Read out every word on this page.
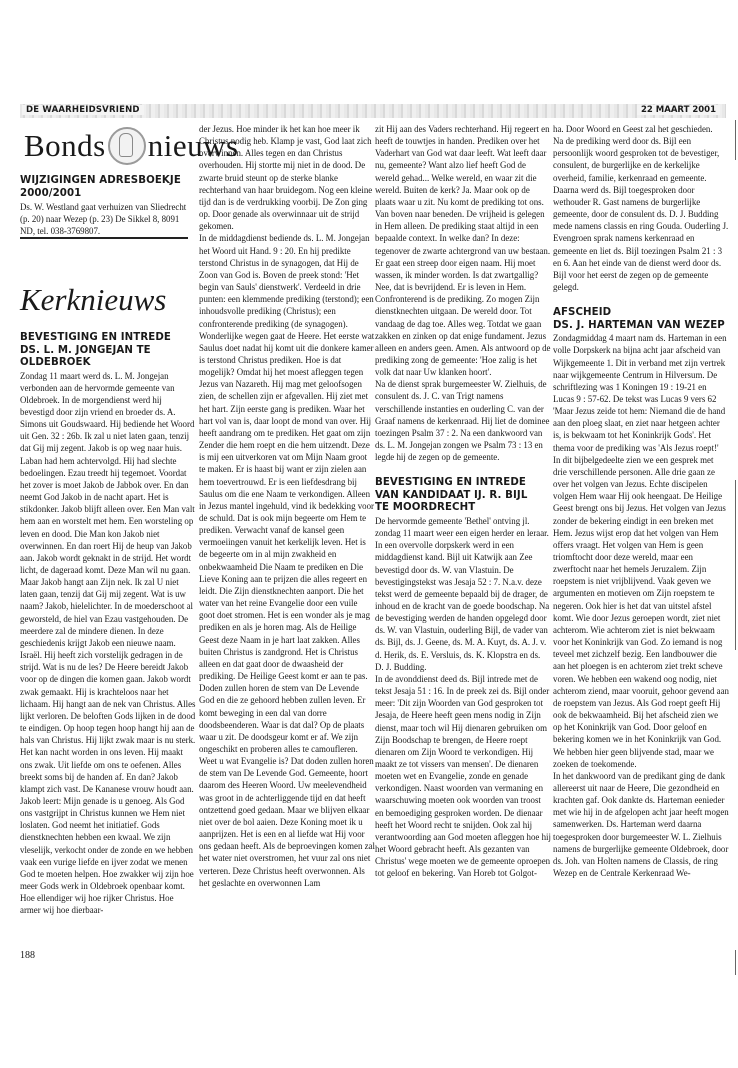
DE WAARHEIDSVRIEND	22 MAART 2001
Bonds nieuws

WIJZIGINGEN ADRESBOEKJE

2000/2001

Ds. W. Westland gaat verhuizen van Sliedrecht (p. 20) naar Wezep (p. 23) De Sikkel 8, 8091 ND, tel. 038-3769807.

Kerknieuws

BEVESTIGING EN INTREDE

DS. L. M. JONGEJAN TE OLDEBROEK

Zondag 11 maart werd ds. L. M. Jongejan verbonden aan de hervormde gemeente van Oldebroek. In de morgendienst werd hij bevestigd door zijn vriend en broeder ds. A. Simons uit Goudswaard. Hij bediende het Woord uit Gen. 32 : 26b. Ik zal u niet laten gaan, tenzij dat Gij mij zegent. Jakob is op weg naar huis. Laban had hem achtervolgd. Hij had slechte bedoelingen. Ezau treedt hij tegemoet. Voordat het zover is moet Jakob de Jabbok over. En dan neemt God Jakob in de nacht apart. Het is stikdonker. Jakob blijft alleen over. Een Man valt hem aan en worstelt met hem. Een worsteling op leven en dood. Die Man kon Jakob niet overwinnen. En dan roert Hij de heup van Jakob aan. Jakob wordt geknakt in de strijd. Het wordt licht, de dageraad komt. Deze Man wil nu gaan. Maar Jakob hangt aan Zijn nek. Ik zal U niet laten gaan, tenzij dat Gij mij zegent. Wat is uw naam? Jakob, hielelichter. In de moederschoot al geworsteld, de hiel van Ezau vastgehouden. De meerdere zal de mindere dienen. In deze geschiedenis krijgt Jakob een nieuwe naam. Israël. Hij heeft zich vorstelijk gedragen in de strijd. Wat is nu de les? De Heere bereidt Jakob voor op de dingen die komen gaan. Jakob wordt zwak gemaakt. Hij is krachteloos naar het lichaam. Hij hangt aan de nek van Christus. Alles lijkt verloren. De beloften Gods lijken in de dood te eindigen. Op hoop tegen hoop hangt hij aan de hals van Christus. Hij lijkt zwak maar is nu sterk. Het kan nacht worden in ons leven. Hij maakt ons zwak. Uit liefde om ons te oefenen. Alles breekt soms bij de handen af. En dan? Jakob klampt zich vast. De Kananese vrouw houdt aan. Jakob leert: Mijn genade is u genoeg. Als God ons vastgrijpt in Christus kunnen we Hem niet loslaten. God neemt het initiatief. Gods dienstknechten hebben een kwaal. We zijn vleselijk, verkocht onder de zonde en we hebben vaak een vurige liefde en ijver zodat we menen God te moeten helpen. Hoe zwakker wij zijn hoe meer Gods werk in Oldebroek openbaar komt. Hoe ellendiger wij hoe rijker Christus. Hoe armer wij hoe dierbaar-

188

der Jezus. Hoe minder ik het kan hoe meer ik Christus nodig heb. Klamp je vast, God laat zich overwinnen. Alles tegen en dan Christus overhouden. Hij stortte mij niet in de dood. De zwarte bruid steunt op de sterke blanke rechterhand van haar bruidegom. Nog een kleine tijd dan is de verdrukking voorbij. De Zon ging op. Door genade als overwinnaar uit de strijd gekomen.

In de middagdienst bediende ds. L. M. Jongejan het Woord uit Hand. 9 : 20. En hij predikte terstond Christus in de synagogen, dat Hij de Zoon van God is. Boven de preek stond: 'Het begin van Sauls' dienstwerk'. Verdeeld in drie punten: een klemmende prediking (terstond); een inhoudsvolle prediking (Christus); een confronterende prediking (de synagogen). Wonderlijke wegen gaat de Heere. Het eerste wat Saulus doet nadat hij komt uit die donkere kamer is terstond Christus prediken. Hoe is dat mogelijk? Omdat hij het moest afleggen tegen Jezus van Nazareth. Hij mag met geloofsogen zien, de schellen zijn er afgevallen. Hij ziet met het hart. Zijn eerste gang is prediken. Waar het hart vol van is, daar loopt de mond van over. Hij heeft aandrang om te prediken. Het gaat om zijn Zender die hem roept en die hem uitzendt. Deze is mij een uitverkoren vat om Mijn Naam groot te maken. Er is haast bij want er zijn zielen aan hem toevertrouwd. Er is een liefdesdrang bij Saulus om die ene Naam te verkondigen. Alleen in Jezus mantel ingehuld, vind ik bedekking voor de schuld. Dat is ook mijn begeerte om Hem te prediken. Verwacht vanaf de kansel geen vermoeiingen vanuit het kerkelijk leven. Het is de begeerte om in al mijn zwakheid en onbekwaamheid Die Naam te prediken en Die Lieve Koning aan te prijzen die alles regeert en leidt. Die Zijn dienstknechten aanport. Die het water van het reine Evangelie door een vuile goot doet stromen. Het is een wonder als je mag prediken en als je horen mag. Als de Heilige Geest deze Naam in je hart laat zakken. Alles buiten Christus is zandgrond. Het is Christus alleen en dat gaat door de dwaasheid der prediking. De Heilige Geest komt er aan te pas. Doden zullen horen de stem van De Levende God en die ze gehoord hebben zullen leven. Er komt beweging in een dal van dorre doodsbeenderen. Waar is dat dal? Op de plaats waar u zit. De doodsgeur komt er af. We zijn ongeschikt en proberen alles te camoufleren. Weet u wat Evangelie is? Dat doden zullen horen de stem van De Levende God. Gemeente, hoort daarom des Heeren Woord. Uw meelevendheid was groot in de achterliggende tijd en dat heeft ontzettend goed gedaan. Maar we blijven elkaar niet over de bol aaien. Deze Koning moet ik u aanprijzen. Het is een en al liefde wat Hij voor ons gedaan heeft. Als de beproevingen komen zal het water niet overstromen, het vuur zal ons niet verteren. Deze Christus heeft overwonnen. Als het geslachte en overwonnen Lam

zit Hij aan des Vaders rechterhand. Hij regeert en heeft de touwtjes in handen. Prediken over het Vaderhart van God wat daar leeft. Wat leeft daar nu, gemeente? Want alzo lief heeft God de wereld gehad... Welke wereld, en waar zit die wereld. Buiten de kerk? Ja. Maar ook op de plaats waar u zit. Nu komt de prediking tot ons. Van boven naar beneden. De vrijheid is gelegen in Hem alleen. De prediking staat altijd in een bepaalde context. In welke dan? In deze: tegenover de zwarte achtergrond van uw bestaan. Er gaat een streep door eigen naam. Hij moet wassen, ik minder worden. Is dat zwartgallig? Nee, dat is bevrijdend. Er is leven in Hem. Confronterend is de prediking. Zo mogen Zijn dienstknechten uitgaan. De wereld door. Tot vandaag de dag toe. Alles weg. Totdat we gaan zakken en zinken op dat enige fundament. Jezus alleen en anders geen. Amen. Als antwoord op de prediking zong de gemeente: 'Hoe zalig is het volk dat naar Uw klanken hoort'.

Na de dienst sprak burgemeester W. Zielhuis, de consulent ds. J. C. van Trigt namens verschillende instanties en ouderling C. van der Graaf namens de kerkenraad. Hij liet de dominee toezingen Psalm 37 : 2. Na een dankwoord van ds. L. M. Jongejan zongen we Psalm 73 : 13 en legde hij de zegen op de gemeente.

BEVESTIGING EN INTREDE

VAN KANDIDAAT IJ. R. BIJL

TE MOORDRECHT

De hervormde gemeente 'Bethel' ontving jl. zondag 11 maart weer een eigen herder en leraar. In een overvolle dorpskerk werd in een middagdienst kand. Bijl uit Katwijk aan Zee bevestigd door ds. W. van Vlastuin. De bevestigingstekst was Jesaja 52 : 7. N.a.v. deze tekst werd de gemeente bepaald bij de drager, de inhoud en de kracht van de goede boodschap. Na de bevestiging werden de handen opgelegd door ds. W. van Vlastuin, ouderling Bijl, de vader van ds. Bijl, ds. J. Geene, ds. M. A. Kuyt, ds. A. J. v. d. Herik, ds. E. Versluis, ds. K. Klopstra en ds. D. J. Budding.

In de avonddienst deed ds. Bijl intrede met de tekst Jesaja 51 : 16. In de preek zei ds. Bijl onder meer: 'Dit zijn Woorden van God gesproken tot Jesaja, de Heere heeft geen mens nodig in Zijn dienst, maar toch wil Hij dienaren gebruiken om Zijn Boodschap te brengen, de Heere roept dienaren om Zijn Woord te verkondigen. Hij maakt ze tot vissers van mensen'. De dienaren moeten wet en Evangelie, zonde en genade verkondigen. Naast woorden van vermaning en waarschuwing moeten ook woorden van troost en bemoediging gesproken worden. De dienaar heeft het Woord recht te snijden. Ook zal hij verantwoording aan God moeten afleggen hoe hij het Woord gebracht heeft. Als gezanten van Christus' wege moeten we de gemeente oproepen tot geloof en bekering. Van Horeb tot Golgot-

ha. Door Woord en Geest zal het geschieden.

Na de prediking werd door ds. Bijl een persoonlijk woord gesproken tot de bevestiger, consulent, de burgerlijke en de kerkelijke overheid, familie, kerkenraad en gemeente. Daarna werd ds. Bijl toegesproken door wethouder R. Gast namens de burgerlijke gemeente, door de consulent ds. D. J. Budding mede namens classis en ring Gouda. Ouderling J. Evengroen sprak namens kerkenraad en gemeente en liet ds. Bijl toezingen Psalm 21 : 3 en 6. Aan het einde van de dienst werd door ds. Bijl voor het eerst de zegen op de gemeente gelegd.

AFSCHEID

DS. J. HARTEMAN VAN WEZEP

Zondagmiddag 4 maart nam ds. Harteman in een volle Dorpskerk na bijna acht jaar afscheid van Wijkgemeente 1. Dit in verband met zijn vertrek naar wijkgemeente Centrum in Hilversum. De schriftlezing was 1 Koningen 19 : 19-21 en Lucas 9 : 57-62. De tekst was Lucas 9 vers 62 'Maar Jezus zeide tot hem: Niemand die de hand aan den ploeg slaat, en ziet naar hetgeen achter is, is bekwaam tot het Koninkrijk Gods'. Het thema voor de prediking was 'Als Jezus roept!'

In dit bijbelgedeelte zien we een gesprek met drie verschillende personen. Alle drie gaan ze over het volgen van Jezus. Echte discipelen volgen Hem waar Hij ook heengaat. De Heilige Geest brengt ons bij Jezus. Het volgen van Jezus zonder de bekering eindigt in een breken met Hem. Jezus wijst erop dat het volgen van Hem offers vraagt. Het volgen van Hem is geen triomftocht door deze wereld, maar een zwerftocht naar het hemels Jeruzalem. Zijn roepstem is niet vrijblijvend. Vaak geven we argumenten en motieven om Zijn roepstem te negeren. Ook hier is het dat van uitstel afstel komt. Wie door Jezus geroepen wordt, ziet niet achterom. Wie achterom ziet is niet bekwaam voor het Koninkrijk van God. Zo iemand is nog teveel met zichzelf bezig. Een landbouwer die aan het ploegen is en achterom ziet trekt scheve voren. We hebben een wakend oog nodig, niet achterom ziend, maar vooruit, gehoor gevend aan de roepstem van Jezus. Als God roept geeft Hij ook de bekwaamheid. Bij het afscheid zien we op het Koninkrijk van God. Door geloof en bekering komen we in het Koninkrijk van God. We hebben hier geen blijvende stad, maar we zoeken de toekomende.

In het dankwoord van de predikant ging de dank allereerst uit naar de Heere, Die gezondheid en krachten gaf. Ook dankte ds. Harteman eenieder met wie hij in de afgelopen acht jaar heeft mogen samenwerken. Ds. Harteman werd daarna toegesproken door burgemeester W. L. Zielhuis namens de burgerlijke gemeente Oldebroek, door ds. Joh. van Holten namens de Classis, de ring Wezep en de Centrale Kerkenraad We-
